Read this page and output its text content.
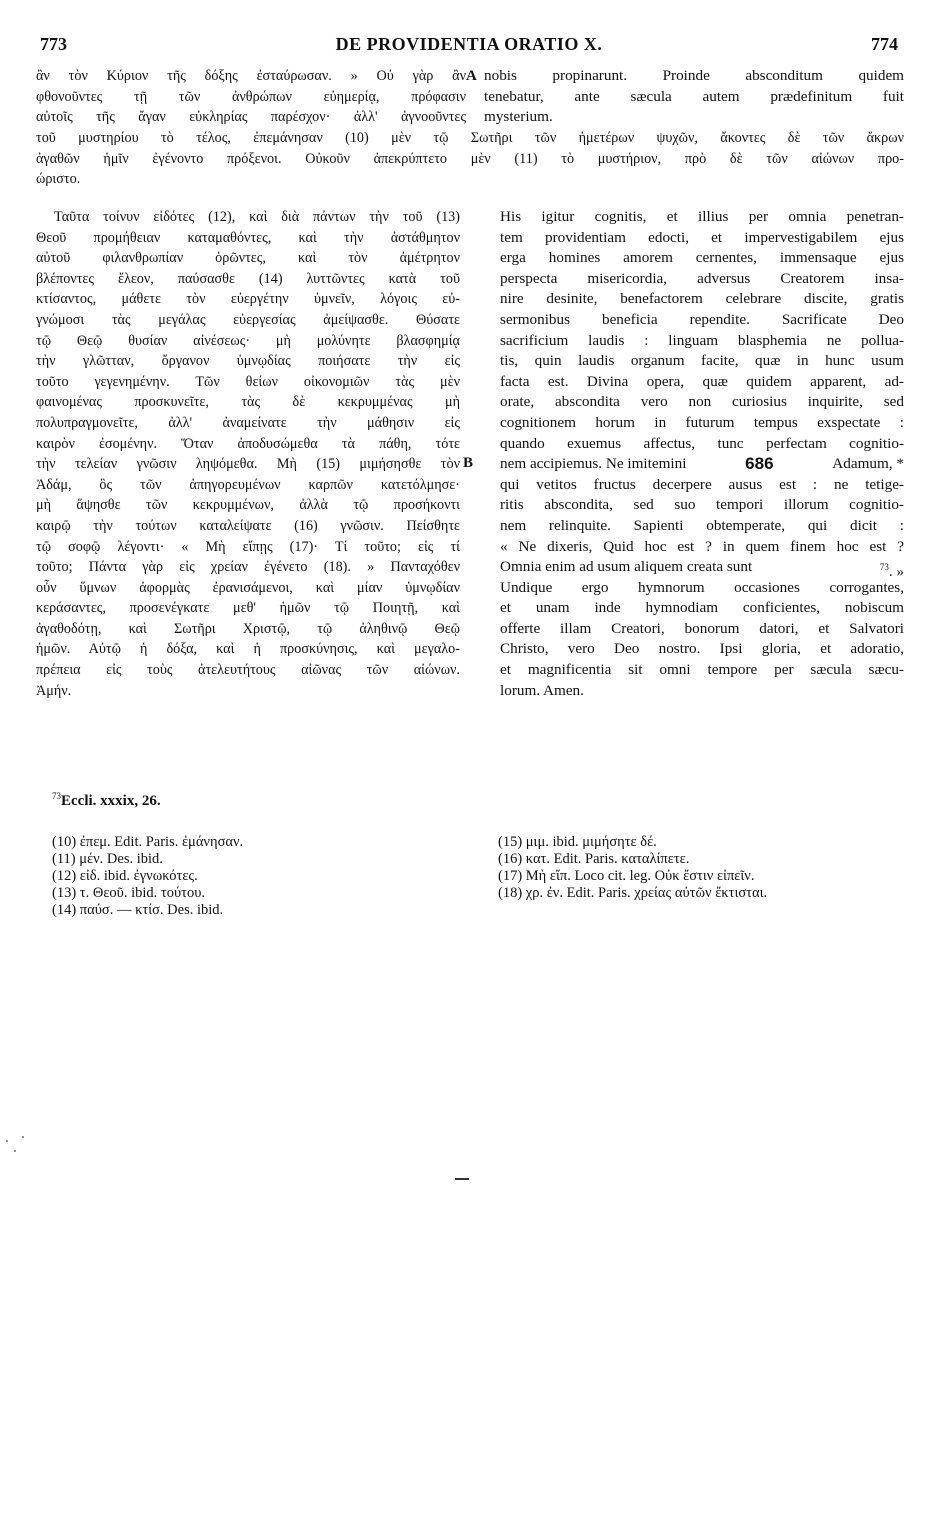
773	DE PROVIDENTIA ORATIO X.	774
ἂν τὸν Κύριον τῆς δόξης ἐσταύρωσαν. » Οὐ γὰρ ἂν
φθονοῦντες τῇ τῶν ἀνθρώπων εὐημερίᾳ, πρόφασιν
αὐτοῖς τῆς ἄγαν εὐκληρίας παρέσχον· ἀλλ' ἀγνοοῦντες
A nobis propinarunt. Proinde absconditum quidem
tenebatur, ante sæcula autem prædefinitum fuit
mysterium.
τοῦ μυστηρίου τὸ τέλος, ἐπεμάνησαν (10) μὲν τῷ Σωτῆρι τῶν ἡμετέρων ψυχῶν, ἄκοντες δὲ τῶν ἄκρων
ἀγαθῶν ἡμῖν ἐγένοντο πρόξενοι. Οὐκοῦν ἀπεκρύπτετο μὲν (11) τὸ μυστήριον, πρὸ δὲ τῶν αἰώνων προ-
ώριστο.
Ταῦτα τοίνυν εἰδότες (12), καὶ διὰ πάντων τὴν τοῦ (13)
Θεοῦ προμήθειαν καταμαθόντες, καὶ τὴν ἀστάθμητον
αὐτοῦ φιλανθρωπίαν ὁρῶντες, καὶ τὸν ἀμέτρητον
βλέποντες ἔλεον, παύσασθε (14) λυττῶντες κατὰ τοῦ
κτίσαντος, μάθετε τὸν εὐεργέτην ὑμνεῖν, λόγοις εὐ-
γνώμοσι τὰς μεγάλας εὐεργεσίας ἀμείψασθε. Θύσατε
τῷ Θεῷ θυσίαν αἰνέσεως· μὴ μολύνητε βλασφημίᾳ
τὴν γλῶτταν, ὄργανον ὑμνῳδίας ποιήσατε τὴν εἰς
τοῦτο γεγενημένην. Τῶν θείων οἰκονομιῶν τὰς μὲν
φαινομένας προσκυνεῖτε, τὰς δὲ κεκρυμμένας μὴ
πολυπραγμονεῖτε, ἀλλ' ἀναμείνατε τὴν μάθησιν εἰς
καιρὸν ἐσομένην. Ὅταν ἀποδυσώμεθα τὰ πάθη, τότε
τὴν τελείαν γνῶσιν ληψόμεθα. Μὴ (15) μιμήσησθε τὸν
Ἀδάμ, ὃς τῶν ἀπηγορευμένων καρπῶν κατετόλμησε·
μὴ ἅψησθε τῶν κεκρυμμένων, ἀλλὰ τῷ προσήκοντι
καιρῷ τὴν τούτων καταλείψατε (16) γνῶσιν. Πείσθητε
τῷ σοφῷ λέγοντι· « Μὴ εἴπῃς (17)· Τί τοῦτο; εἰς τί
τοῦτο; Πάντα γὰρ εἰς χρείαν ἐγένετο (18). » Πανταχόθεν
οὖν ὕμνων ἀφορμὰς ἐρανισάμενοι, καὶ μίαν ὑμνῳδίαν
κεράσαντες, προσενέγκατε μεθ' ἡμῶν τῷ Ποιητῇ, καὶ
ἀγαθοδότῃ, καὶ Σωτῆρι Χριστῷ, τῷ ἀληθινῷ Θεῷ
ἡμῶν. Αὐτῷ ἡ δόξα, καὶ ἡ προσκύνησις, καὶ μεγαλο-
πρέπεια εἰς τοὺς ἀτελευτήτους αἰῶνας τῶν αἰώνων.
Ἀμήν.
B
His igitur cognitis, et illius per omnia penetran-
tem providentiam edocti, et impervestigabilem ejus
erga homines amorem cernentes, immensaque ejus
perspecta misericordia, adversus Creatorem insa-
nire desinite, benefactorem celebrare discite, gratis
sermonibus beneficia rependite. Sacrificate Deo
sacrificium laudis : linguam blasphemia ne pollua-
tis, quin laudis organum facite, quæ in hunc usum
facta est. Divina opera, quæ quidem apparent, ad-
orate, abscondita vero non curiosius inquirite, sed
cognitionem horum in futurum tempus exspectate :
quando exuemus affectus, tunc perfectam cognitio-
nem accipiemus. Ne imitemini	686	Adamum, *
qui vetitos fructus decerpere ausus est : ne tetige-
ritis abscondita, sed suo tempori illorum cognitio-
nem relinquite. Sapienti obtemperate, qui dicit :
« Ne dixeris, Quid hoc est ? in quem finem hoc est ?
Omnia enim ad usum aliquem creata sunt	$^{73}$. »
Undique ergo hymnorum occasiones corrogantes,
et unam inde hymnodiam conficientes, nobiscum
offerte illam Creatori, bonorum datori, et Salvatori
Christo, vero Deo nostro. Ipsi gloria, et adoratio,
et magnificentia sit omni tempore per sæcula sæcu-
lorum. Amen.
$^{73}$Eccli. xxxix, 26.
(10) ἐπεμ. Edit. Paris. ἐμάνησαν.
(11) μέν. Des. ibid.
(12) εἰδ. ibid. ἐγνωκότες.
(13) τ. Θεοῦ. ibid. τούτου.
(14) παύσ. — κτίσ. Des. ibid.
(15) μιμ. ibid. μιμήσητε δέ.
(16) κατ. Edit. Paris. καταλίπετε.
(17) Μὴ εἴπ. Loco cit. leg. Οὐκ ἔστιν εἰπεῖν.
(18) χρ. ἐν. Edit. Paris. χρείας αὐτῶν ἔκτισται.
